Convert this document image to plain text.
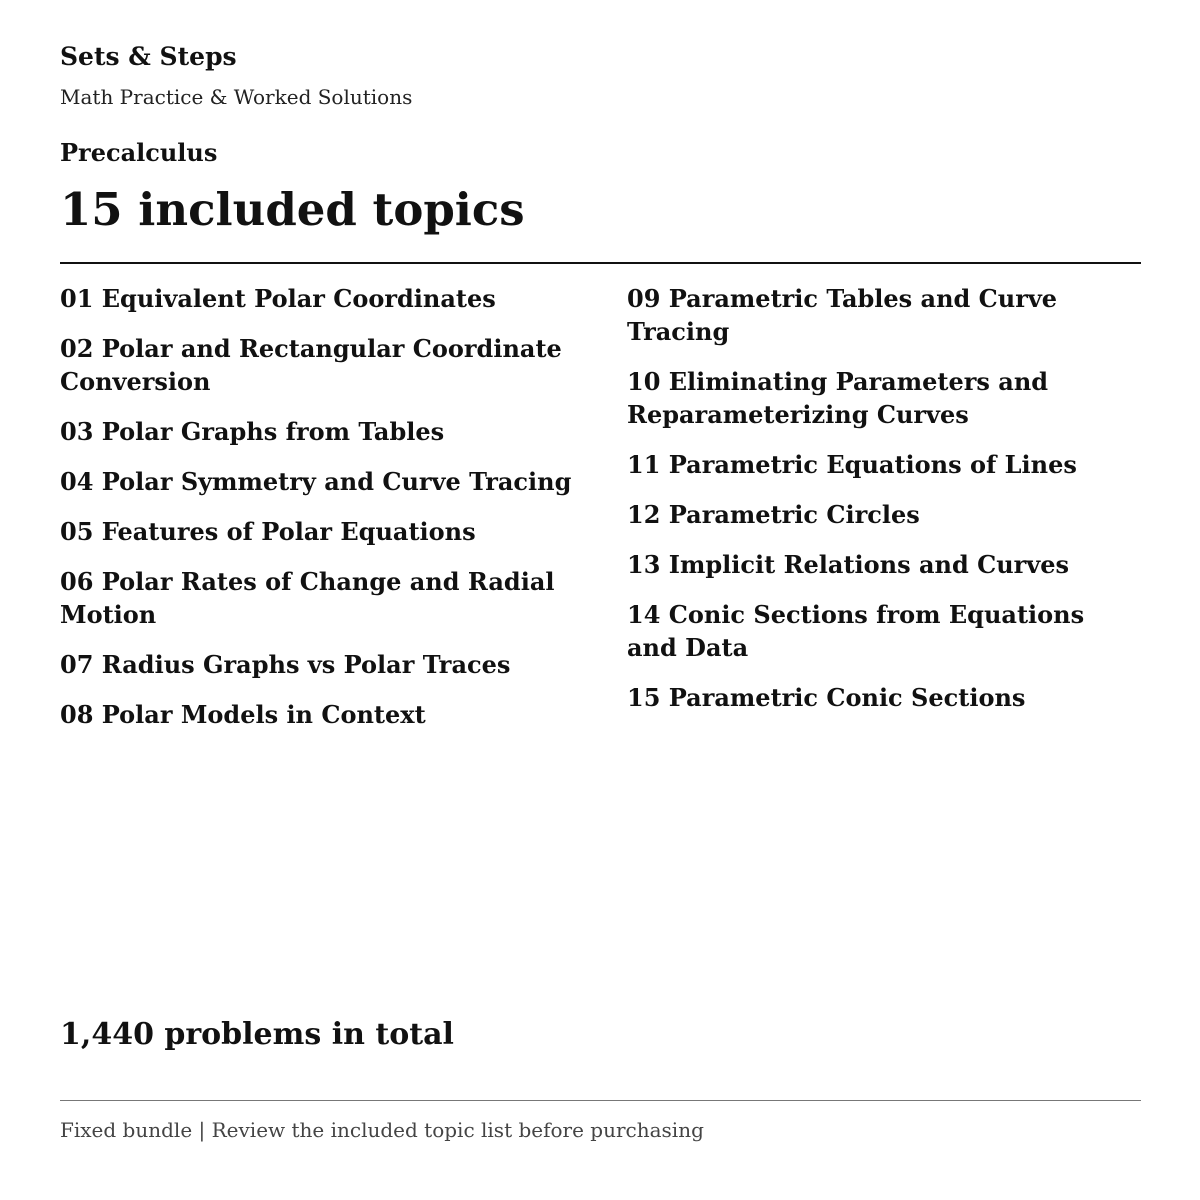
Sets & Steps
Math Practice & Worked Solutions
Precalculus
15 included topics
01 Equivalent Polar Coordinates
02 Polar and Rectangular Coordinate Conversion
03 Polar Graphs from Tables
04 Polar Symmetry and Curve Tracing
05 Features of Polar Equations
06 Polar Rates of Change and Radial Motion
07 Radius Graphs vs Polar Traces
08 Polar Models in Context
09 Parametric Tables and Curve Tracing
10 Eliminating Parameters and Reparameterizing Curves
11 Parametric Equations of Lines
12 Parametric Circles
13 Implicit Relations and Curves
14 Conic Sections from Equations and Data
15 Parametric Conic Sections
1,440 problems in total
Fixed bundle | Review the included topic list before purchasing
